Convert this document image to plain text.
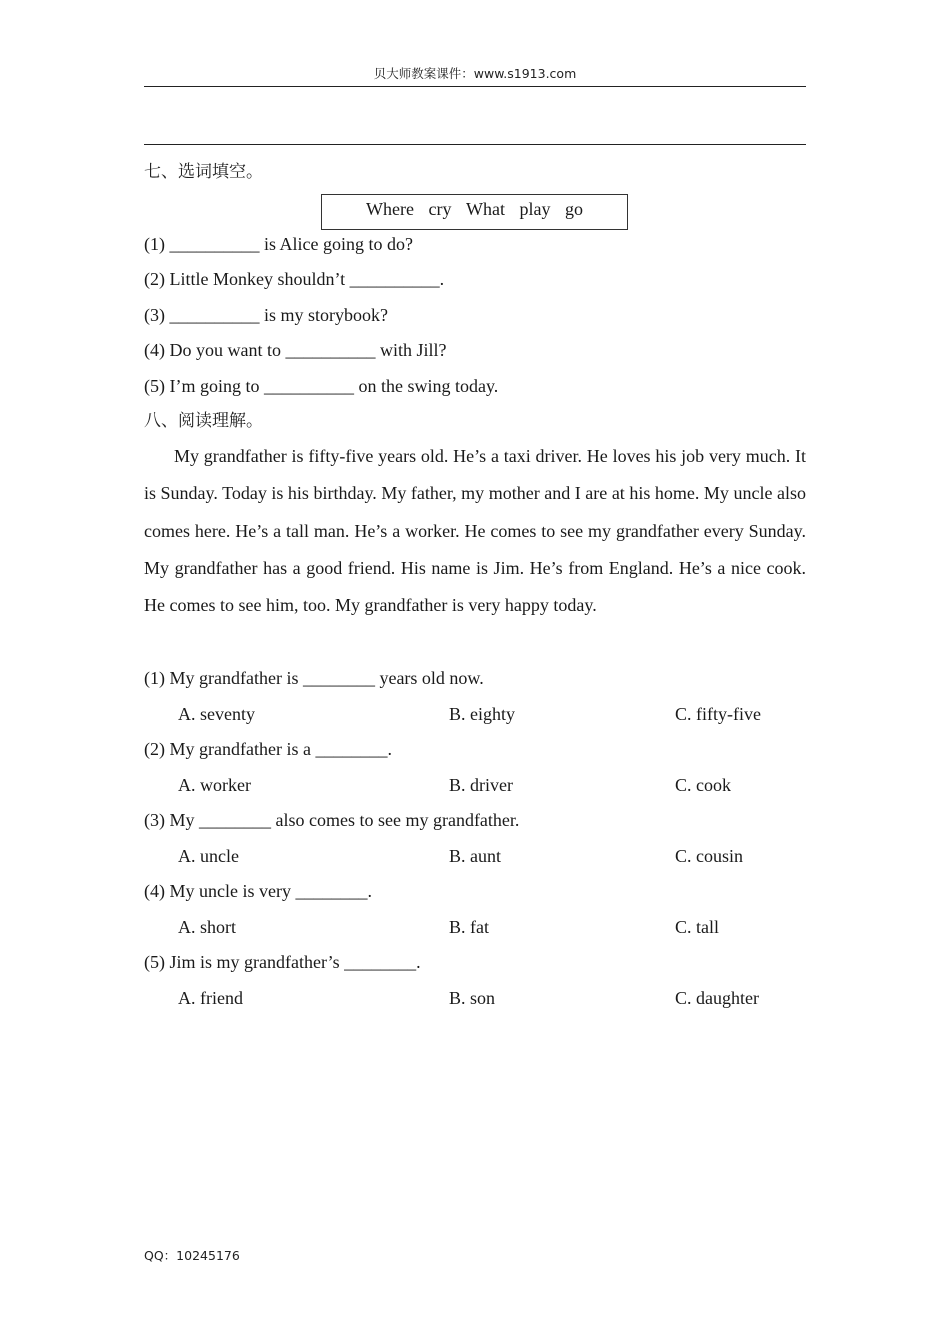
贝大师教案课件：www.s1913.com
七、选词填空。
Where cry What play go
(1) __________ is Alice going to do?
(2) Little Monkey shouldn’t __________.
(3) __________ is my storybook?
(4) Do you want to __________ with Jill?
(5) I’m going to __________ on the swing today.
八、阅读理解。
My grandfather is fifty-five years old. He’s a taxi driver. He loves his job very much. It is Sunday. Today is his birthday. My father, my mother and I are at his home. My uncle also comes here. He’s a tall man. He’s a worker. He comes to see my grandfather every Sunday. My grandfather has a good friend. His name is Jim. He’s from England. He’s a nice cook. He comes to see him, too. My grandfather is very happy today.
(1) My grandfather is ________ years old now.
A. seventy	B. eighty	C. fifty-five
(2) My grandfather is a ________.
A. worker	B. driver	C. cook
(3) My ________ also comes to see my grandfather.
A. uncle	B. aunt	C. cousin
(4) My uncle is very ________.
A. short	B. fat	C. tall
(5) Jim is my grandfather’s ________.
A. friend	B. son	C. daughter
QQ：10245176
